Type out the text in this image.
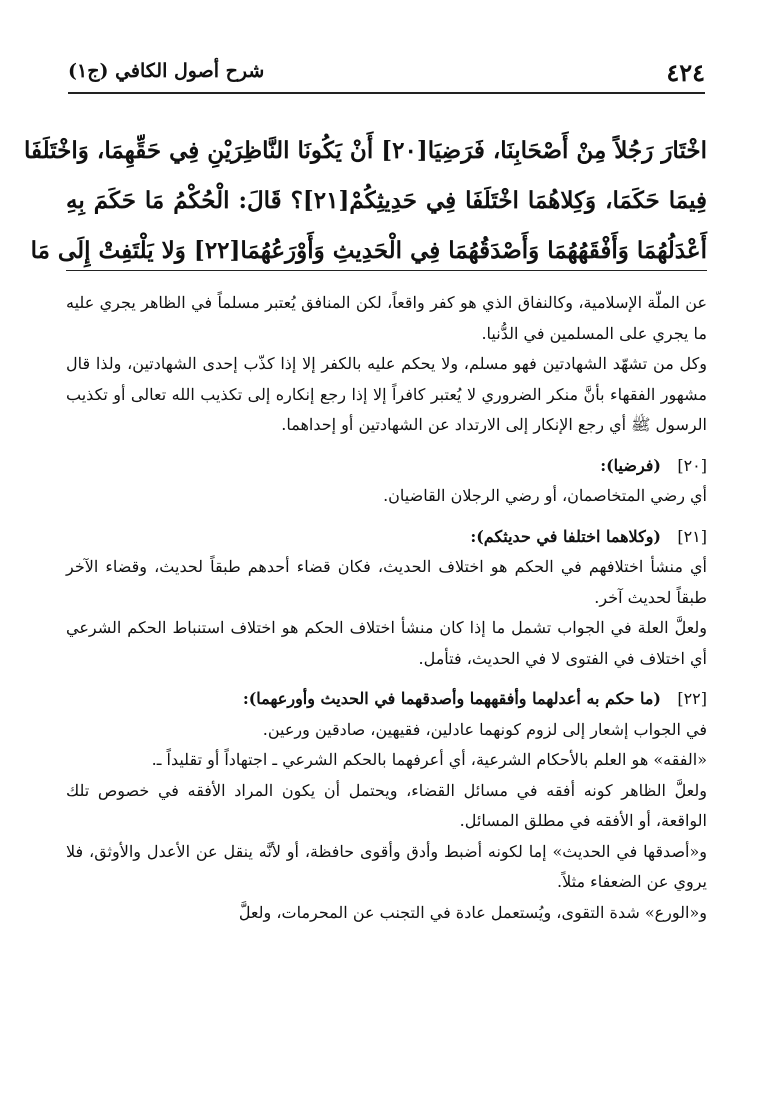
٤٢٤
شرح أصول الكافي (ج١)
اخْتَارَ رَجُلاً مِنْ أَصْحَابِنَا، فَرَضِيَا[٢٠] أَنْ يَكُونَا النَّاظِرَيْنِ فِي حَقِّهِمَا، وَاخْتَلَفَا
فِيمَا حَكَمَا، وَكِلاهُمَا اخْتَلَفَا فِي حَدِيثِكُمْ[٢١]؟ قَالَ: الْحُكْمُ مَا حَكَمَ بِهِ
أَعْدَلُهُمَا وَأَفْقَهُهُمَا وَأَصْدَقُهُمَا فِي الْحَدِيثِ وَأَوْرَعُهُمَا[٢٢] وَلا يَلْتَفِتْ إِلَى مَا
عن الملّة الإسلامية، وكالنفاق الذي هو كفر واقعاً، لكن المنافق يُعتبر مسلماً في الظاهر يجري عليه ما يجري على المسلمين في الدُّنيا.
وكل من تشهّد الشهادتين فهو مسلم، ولا يحكم عليه بالكفر إلا إذا كذّب إحدى الشهادتين، ولذا قال مشهور الفقهاء بأنَّ منكر الضروري لا يُعتبر كافراً إلا إذا رجع إنكاره إلى تكذيب الله تعالى أو تكذيب الرسول ﷺ أي رجع الإنكار إلى الارتداد عن الشهادتين أو إحداهما.
[٢٠](فرضيا):
أي رضي المتخاصمان، أو رضي الرجلان القاضيان.
[٢١](وكلاهما اختلفا في حديثكم):
أي منشأ اختلافهم في الحكم هو اختلاف الحديث، فكان قضاء أحدهم طبقاً لحديث، وقضاء الآخر طبقاً لحديث آخر.
ولعلَّ العلة في الجواب تشمل ما إذا كان منشأ اختلاف الحكم هو اختلاف استنباط الحكم الشرعي أي اختلاف في الفتوى لا في الحديث، فتأمل.
[٢٢](ما حكم به أعدلهما وأفقههما وأصدقهما في الحديث وأورعهما):
في الجواب إشعار إلى لزوم كونهما عادلين، فقيهين، صادقين ورعين.
«الفقه» هو العلم بالأحكام الشرعية، أي أعرفهما بالحكم الشرعي ـ اجتهاداً أو تقليداً ـ.
ولعلَّ الظاهر كونه أفقه في مسائل القضاء، ويحتمل أن يكون المراد الأفقه في خصوص تلك الواقعة، أو الأفقه في مطلق المسائل.
و«أصدقها في الحديث» إما لكونه أضبط وأدق وأقوى حافظة، أو لأنَّه ينقل عن الأعدل والأوثق، فلا يروي عن الضعفاء مثلاً.
و«الورع» شدة التقوى، ويُستعمل عادة في التجنب عن المحرمات، ولعلَّ
